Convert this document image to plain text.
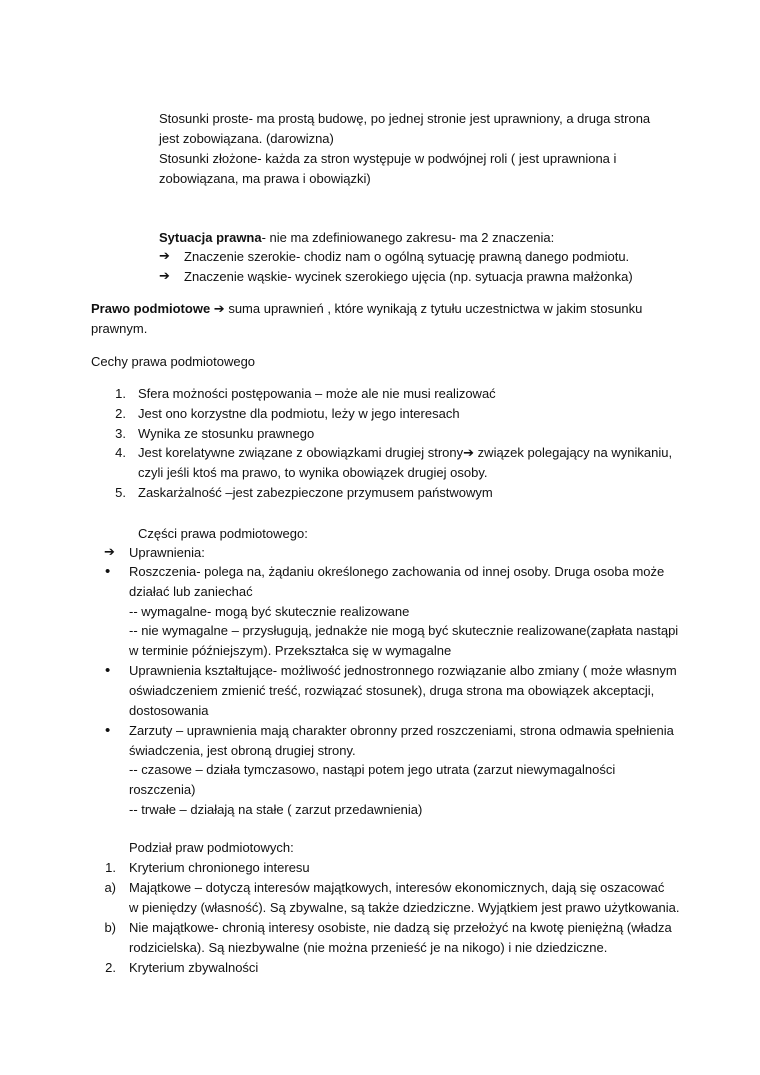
Stosunki proste- ma prostą budowę, po jednej stronie jest uprawniony, a druga strona
jest zobowiązana. (darowizna)
Stosunki złożone- każda za stron występuje w podwójnej roli ( jest uprawniona i
zobowiązana, ma prawa i obowiązki)
Sytuacja prawna- nie ma zdefiniowanego zakresu- ma 2 znaczenia:
➔ Znaczenie szerokie- chodiz nam o ogólną sytuację prawną danego podmiotu.
➔ Znaczenie wąskie- wycinek szerokiego ujęcia (np. sytuacja prawna małżonka)
Prawo podmiotowe ➔ suma uprawnień , które wynikają z tytułu uczestnictwa w jakim stosunku
prawnym.
Cechy prawa podmiotowego
1. Sfera możności postępowania – może ale nie musi realizować
2. Jest ono korzystne dla podmiotu, leży w jego interesach
3. Wynika ze stosunku prawnego
4. Jest korelatywne związane z obowiązkami drugiej strony➔ związek polegający na wynikaniu,
czyli jeśli ktoś ma prawo, to wynika obowiązek drugiej osoby.
5. Zaskarżalność –jest zabezpieczone przymusem państwowym
Części prawa podmiotowego:
➔ Uprawnienia:
• Roszczenia- polega na, żądaniu określonego zachowania od innej osoby. Druga osoba może
działać lub zaniechać
-- wymagalne- mogą być skutecznie realizowane
-- nie wymagalne – przysługują, jednakże nie mogą być skutecznie realizowane(zapłata nastąpi
w terminie późniejszym). Przekształca się w wymagalne
• Uprawnienia kształtujące- możliwość jednostronnego rozwiązanie albo zmiany ( może własnym
oświadczeniem zmienić treść, rozwiązać stosunek), druga strona ma obowiązek akceptacji,
dostosowania
• Zarzuty – uprawnienia mają charakter obronny przed roszczeniami, strona odmawia spełnienia
świadczenia, jest obroną drugiej strony.
-- czasowe – działa tymczasowo, nastąpi potem jego utrata (zarzut niewymagalności
roszczenia)
-- trwałe – działają na stałe ( zarzut przedawnienia)
Podział praw podmiotowych:
1. Kryterium chronionego interesu
a) Majątkowe – dotyczą interesów majątkowych, interesów ekonomicznych, dają się oszacować
w pieniędzy (własność). Są zbywalne, są także dziedziczne. Wyjątkiem jest prawo użytkowania.
b) Nie majątkowe- chronią interesy osobiste, nie dadzą się przełożyć na kwotę pieniężną (władza
rodzicielska). Są niezbywalne (nie można przenieść je na nikogo) i nie dziedziczne.
2. Kryterium zbywalności
